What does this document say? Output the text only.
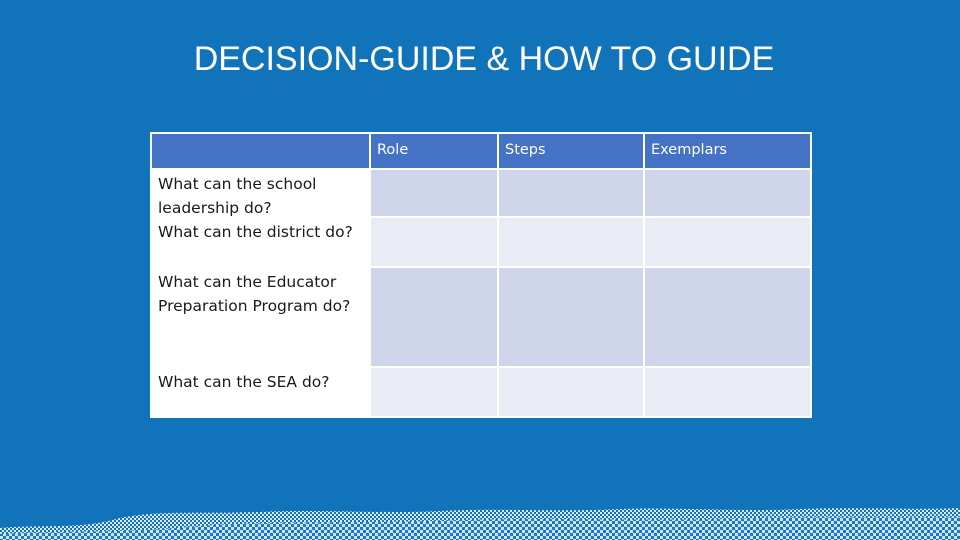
DECISION-GUIDE & HOW TO GUIDE
	Role	Steps	Exemplars

What can the school leadership do?
What can the district do?			

What can the Educator Preparation Program do?			
What can the SEA do?			
